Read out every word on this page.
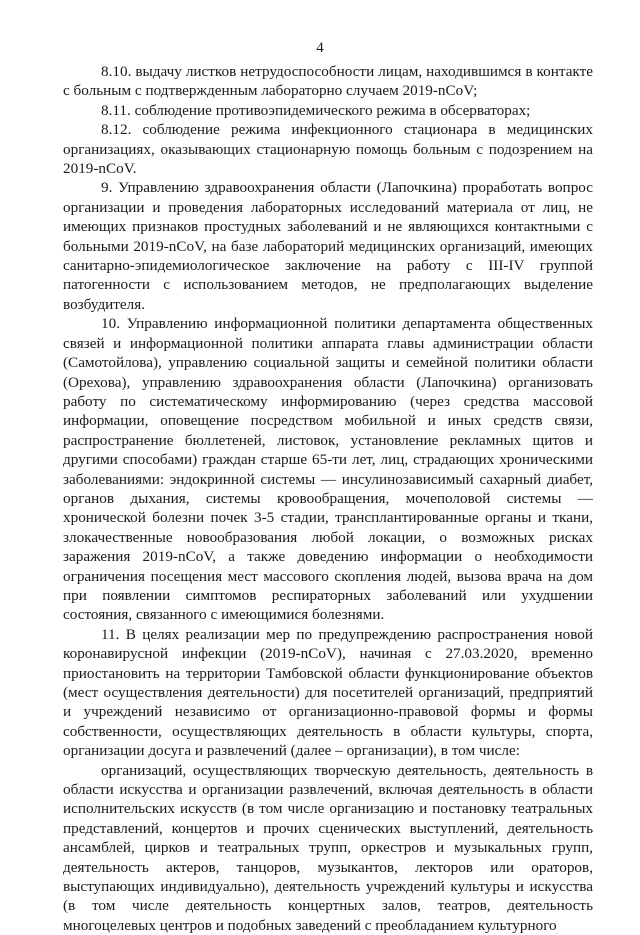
4

8.10. выдачу листков нетрудоспособности лицам, находившимся в контакте с больным с подтвержденным лабораторно случаем 2019-nCoV;

8.11. соблюдение противоэпидемического режима в обсерваторах;

8.12. соблюдение режима инфекционного стационара в медицинских организациях, оказывающих стационарную помощь больным с подозрением на 2019-nCoV.

9. Управлению здравоохранения области (Лапочкина) проработать вопрос организации и проведения лабораторных исследований материала от лиц, не имеющих признаков простудных заболеваний и не являющихся контактными с больными 2019-nCoV, на базе лабораторий медицинских организаций, имеющих санитарно-эпидемиологическое заключение на работу с III-IV группой патогенности с использованием методов, не предполагающих выделение возбудителя.

10. Управлению информационной политики департамента общественных связей и информационной политики аппарата главы администрации области (Самотойлова), управлению социальной защиты и семейной политики области (Орехова), управлению здравоохранения области (Лапочкина) организовать работу по систематическому информированию (через средства массовой информации, оповещение посредством мобильной и иных средств связи, распространение бюллетеней, листовок, установление рекламных щитов и другими способами) граждан старше 65-ти лет, лиц, страдающих хроническими заболеваниями: эндокринной системы — инсулинозависимый сахарный диабет, органов дыхания, системы кровообращения, мочеполовой системы — хронической болезни почек 3-5 стадии, трансплантированные органы и ткани, злокачественные новообразования любой локации, о возможных рисках заражения 2019-nCoV, а также доведению информации о необходимости ограничения посещения мест массового скопления людей, вызова врача на дом при появлении симптомов респираторных заболеваний или ухудшении состояния, связанного с имеющимися болезнями.

11. В целях реализации мер по предупреждению распространения новой коронавирусной инфекции (2019-nCoV), начиная с 27.03.2020, временно приостановить на территории Тамбовской области функционирование объектов (мест осуществления деятельности) для посетителей организаций, предприятий и учреждений независимо от организационно-правовой формы и формы собственности, осуществляющих деятельность в области культуры, спорта, организации досуга и развлечений (далее – организации), в том числе:

организаций, осуществляющих творческую деятельность, деятельность в области искусства и организации развлечений, включая деятельность в области исполнительских искусств (в том числе организацию и постановку театральных представлений, концертов и прочих сценических выступлений, деятельность ансамблей, цирков и театральных трупп, оркестров и музыкальных групп, деятельность актеров, танцоров, музыкантов, лекторов или ораторов, выступающих индивидуально), деятельность учреждений культуры и искусства (в том числе деятельность концертных залов, театров, деятельность многоцелевых центров и подобных заведений с преобладанием культурного
